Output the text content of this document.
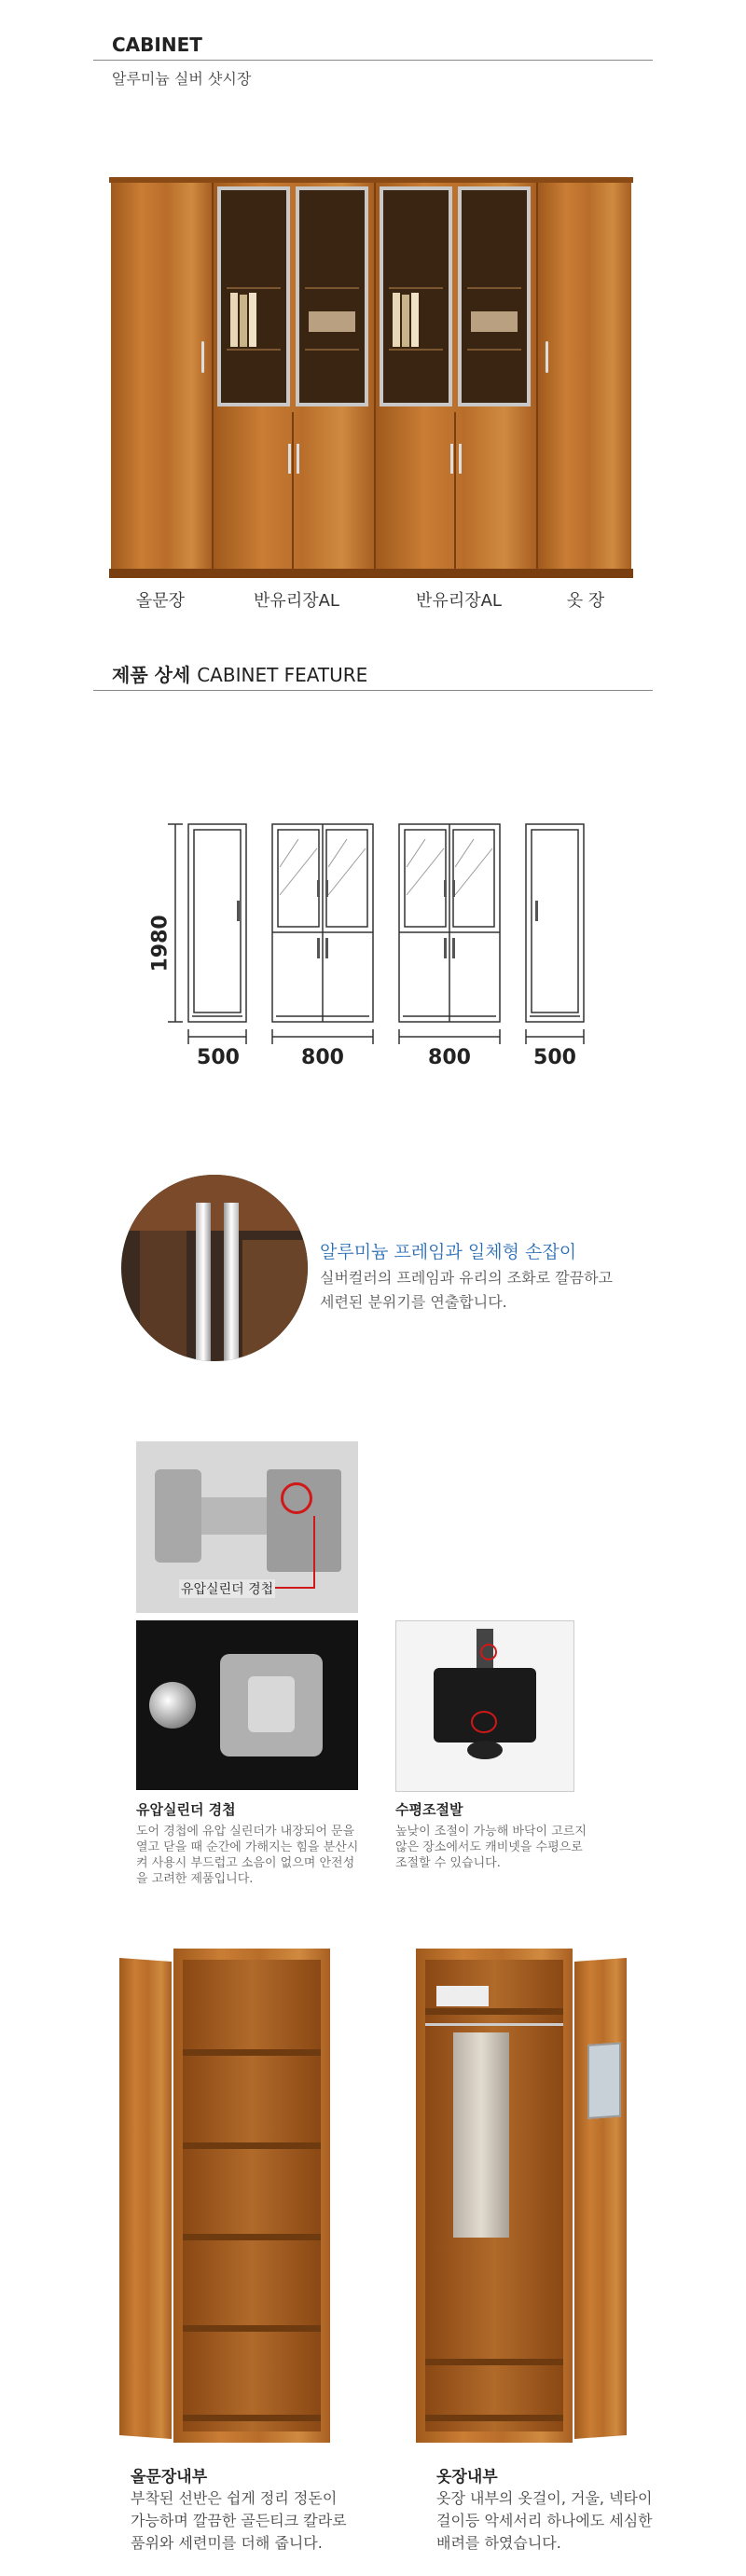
CABINET
알루미늄 실버 샷시장
올문장	반유리장AL	반유리장AL	옷 장
제품 상세 CABINET FEATURE
1980
500	800	800	500
알루미늄 프레임과 일체형 손잡이
실버컬러의 프레임과 유리의 조화로 깔끔하고
세련된 분위기를 연출합니다.
유압실린더 경첩
유압실린더 경첩
도어 경첩에 유압 실린더가 내장되어 문을
열고 닫을 때 순간에 가해지는 힘을 분산시
켜 사용시 부드럽고 소음이 없으며 안전성
을 고려한 제품입니다.
수평조절발
높낮이 조절이 가능해 바닥이 고르지
않은 장소에서도 캐비넷을 수평으로
조절할 수 있습니다.
올문장내부
부착된 선반은 쉽게 정리 정돈이
가능하며 깔끔한 골든티크 칼라로
품위와 세련미를 더해 줍니다.
옷장내부
옷장 내부의 옷걸이, 거울, 넥타이
걸이등 악세서리 하나에도 세심한
배려를 하였습니다.
